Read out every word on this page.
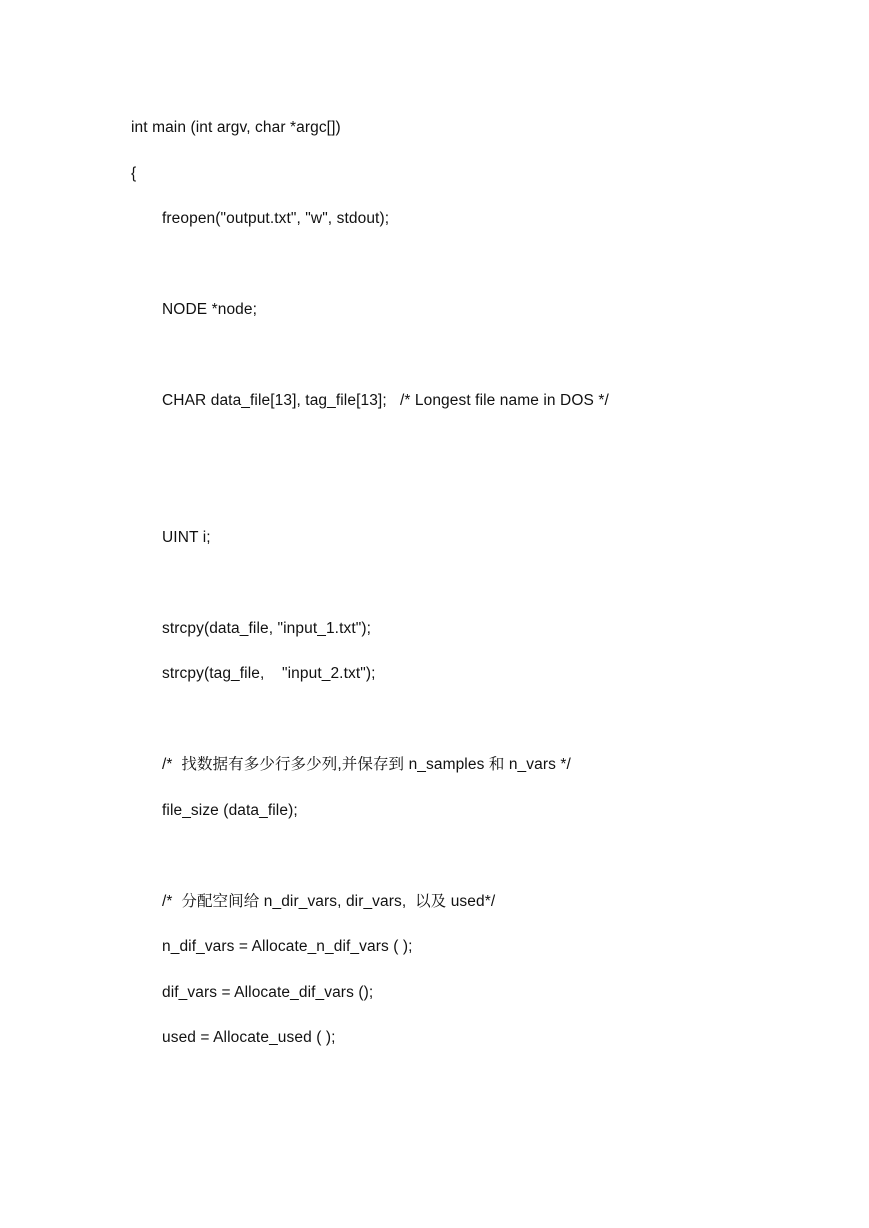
int main (int argv, char *argc[])
{
freopen("output.txt", "w", stdout);
NODE *node;
CHAR data_file[13], tag_file[13];   /* Longest file name in DOS */
UINT i;
strcpy(data_file, "input_1.txt");
strcpy(tag_file,    "input_2.txt");
/*  找数据有多少行多少列,并保存到 n_samples 和 n_vars */
file_size (data_file);
/*  分配空间给 n_dir_vars, dir_vars,  以及 used*/
n_dif_vars = Allocate_n_dif_vars ( );
dif_vars = Allocate_dif_vars ();
used = Allocate_used ( );
